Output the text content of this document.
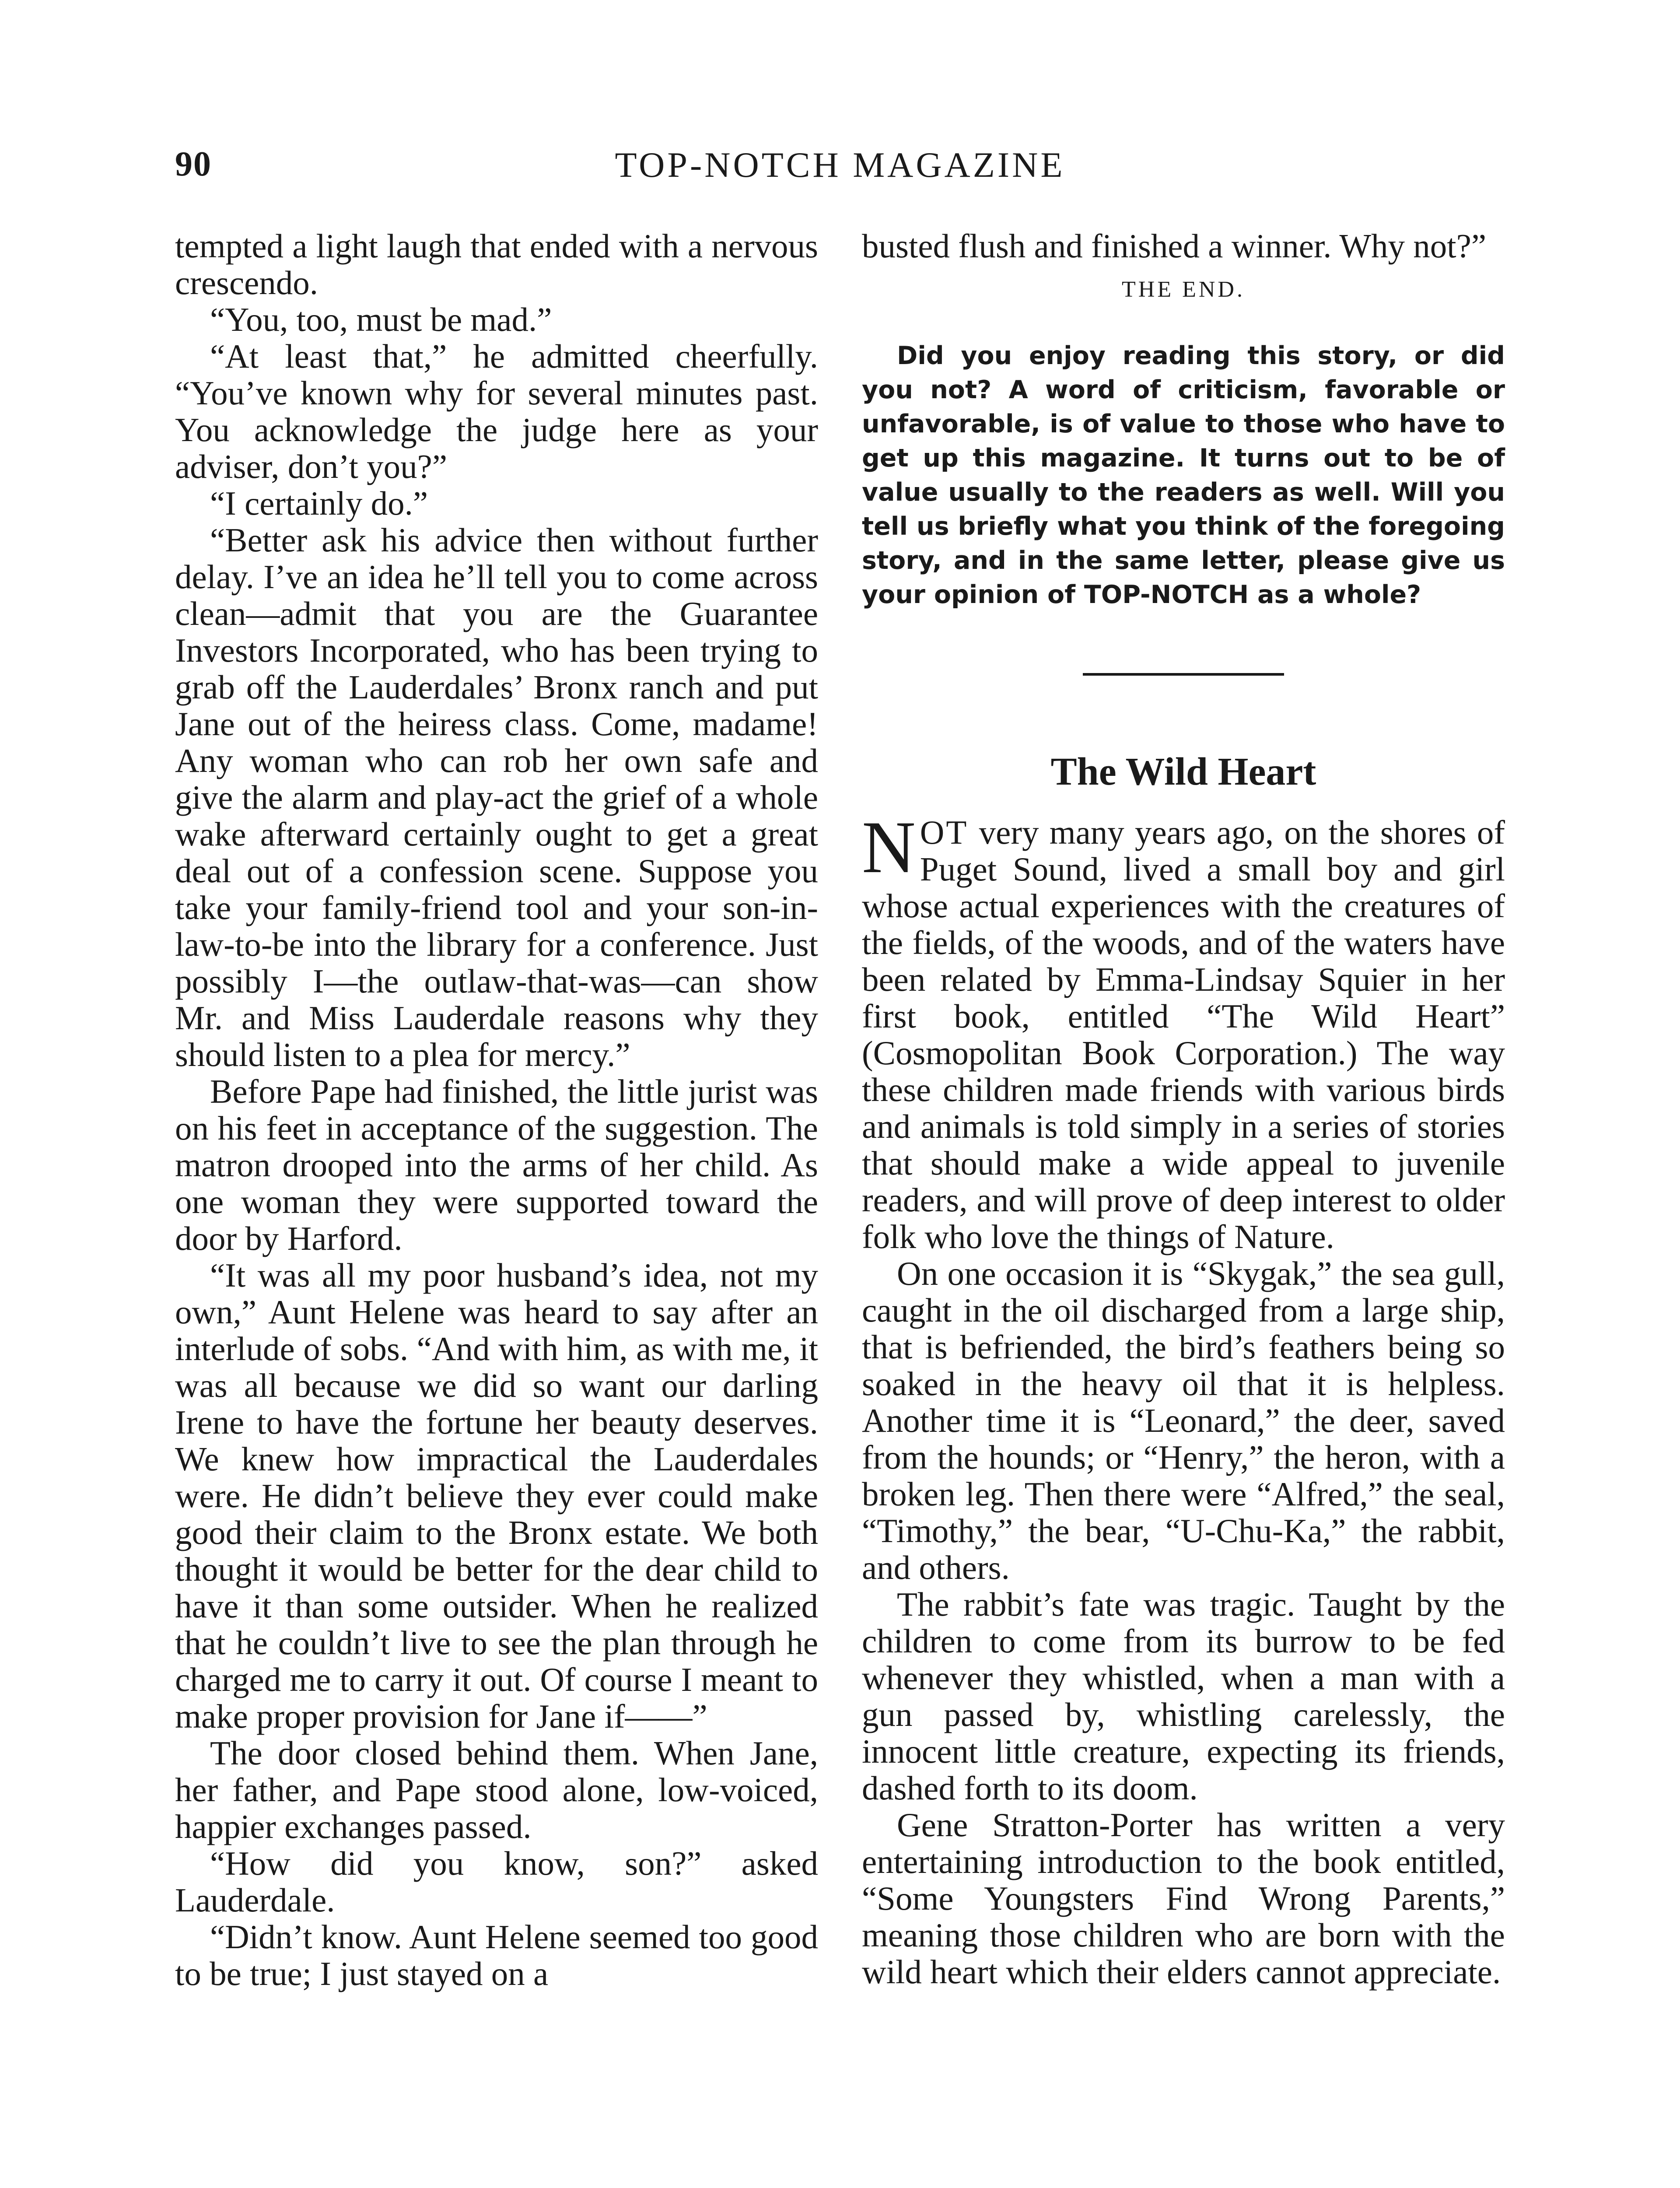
90	TOP-NOTCH MAGAZINE

tempted a light laugh that ended with a nervous crescendo.

“You, too, must be mad.”

“At least that,” he admitted cheerfully. “You’ve known why for several minutes past. You acknowledge the judge here as your adviser, don’t you?”

“I certainly do.”

“Better ask his advice then without further delay. I’ve an idea he’ll tell you to come across clean—admit that you are the Guarantee Investors Incorporated, who has been trying to grab off the Lauderdales’ Bronx ranch and put Jane out of the heiress class. Come, madame! Any woman who can rob her own safe and give the alarm and play-act the grief of a whole wake afterward certainly ought to get a great deal out of a confession scene. Suppose you take your family-friend tool and your son-in-law-to-be into the library for a conference. Just possibly I—the outlaw-that-was—can show Mr. and Miss Lauderdale reasons why they should listen to a plea for mercy.”

Before Pape had finished, the little jurist was on his feet in acceptance of the suggestion. The matron drooped into the arms of her child. As one woman they were supported toward the door by Harford.

“It was all my poor husband’s idea, not my own,” Aunt Helene was heard to say after an interlude of sobs. “And with him, as with me, it was all because we did so want our darling Irene to have the fortune her beauty deserves. We knew how impractical the Lauderdales were. He didn’t believe they ever could make good their claim to the Bronx estate. We both thought it would be better for the dear child to have it than some outsider. When he realized that he couldn’t live to see the plan through he charged me to carry it out. Of course I meant to make proper provision for Jane if——”

The door closed behind them. When Jane, her father, and Pape stood alone, low-voiced, happier exchanges passed.

“How did you know, son?” asked Lauderdale.

“Didn’t know. Aunt Helene seemed too good to be true; I just stayed on a

busted flush and finished a winner. Why not?”

THE END.

Did you enjoy reading this story, or did you not? A word of criticism, favorable or unfavorable, is of value to those who have to get up this magazine. It turns out to be of value usually to the readers as well. Will you tell us briefly what you think of the foregoing story, and in the same letter, please give us your opinion of TOP-NOTCH as a whole?

The Wild Heart

NOT very many years ago, on the shores of Puget Sound, lived a small boy and girl whose actual experiences with the creatures of the fields, of the woods, and of the waters have been related by Emma-Lindsay Squier in her first book, entitled “The Wild Heart” (Cosmopolitan Book Corporation.) The way these children made friends with various birds and animals is told simply in a series of stories that should make a wide appeal to juvenile readers, and will prove of deep interest to older folk who love the things of Nature.

On one occasion it is “Skygak,” the sea gull, caught in the oil discharged from a large ship, that is befriended, the bird’s feathers being so soaked in the heavy oil that it is helpless. Another time it is “Leonard,” the deer, saved from the hounds; or “Henry,” the heron, with a broken leg. Then there were “Alfred,” the seal, “Timothy,” the bear, “U-Chu-Ka,” the rabbit, and others.

The rabbit’s fate was tragic. Taught by the children to come from its burrow to be fed whenever they whistled, when a man with a gun passed by, whistling carelessly, the innocent little creature, expecting its friends, dashed forth to its doom.

Gene Stratton-Porter has written a very entertaining introduction to the book entitled, “Some Youngsters Find Wrong Parents,” meaning those children who are born with the wild heart which their elders cannot appreciate.
